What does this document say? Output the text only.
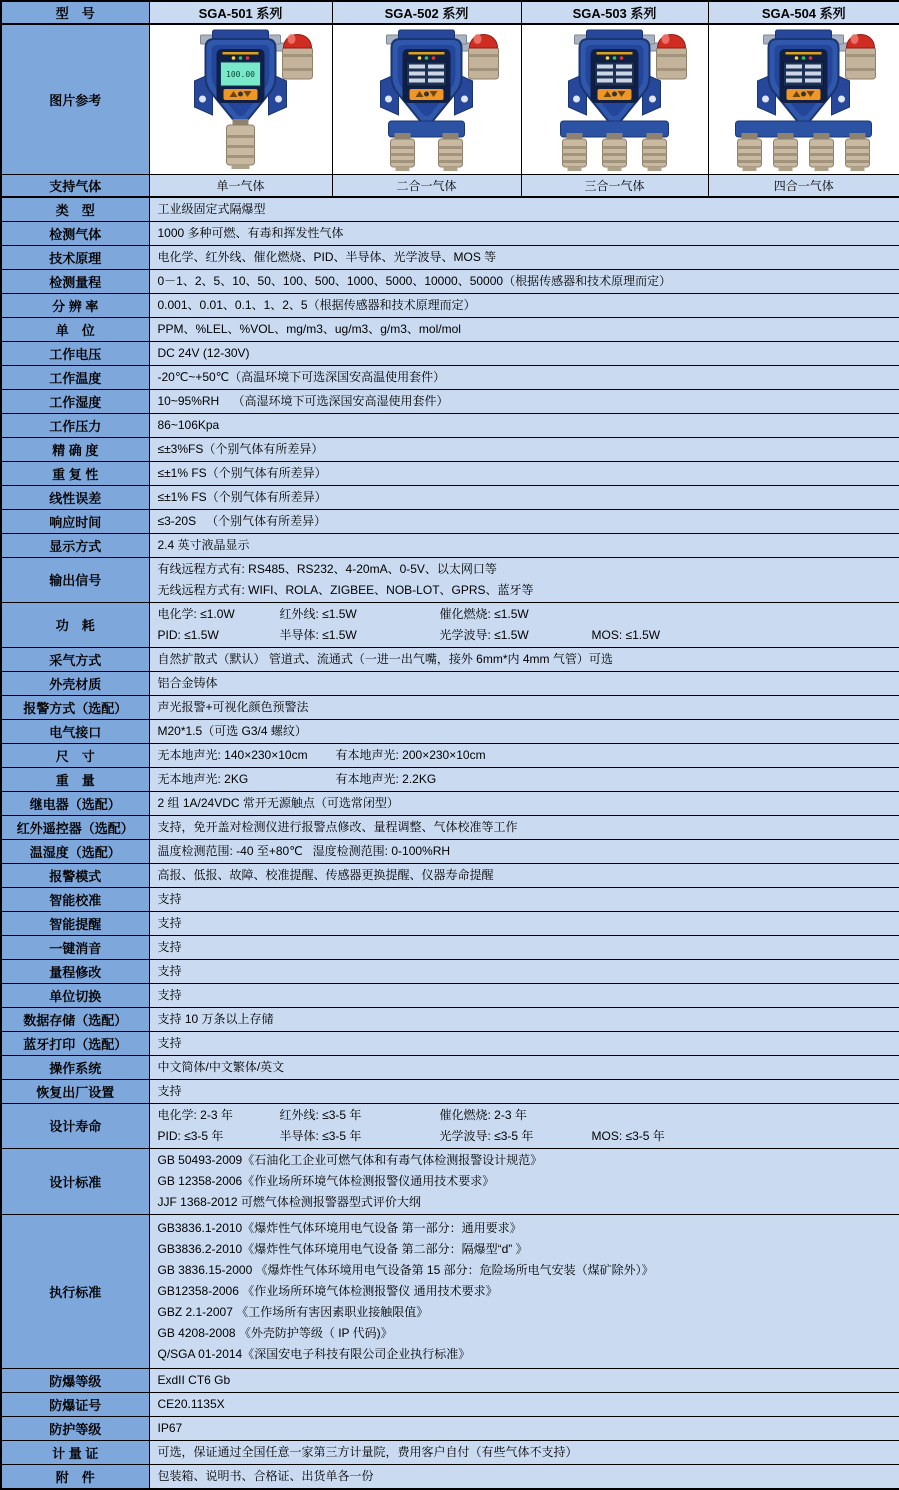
型　号	SGA-501 系列	SGA-502 系列	SGA-503 系列	SGA-504 系列
图片参考	100.00

支持气体	单一气体	二合一气体	三合一气体	四合一气体
类　型	工业级固定式隔爆型			

检测气体	1000 多种可燃、有毒和挥发性气体			

技术原理	电化学、红外线、催化燃烧、PID、半导体、光学波导、MOS 等			

检测量程	0－1、2、5、10、50、100、500、1000、5000、10000、50000（根据传感器和技术原理而定）			

分 辨 率	0.001、0.01、0.1、1、2、5（根据传感器和技术原理而定）			

单　位	PPM、%LEL、%VOL、mg/m3、ug/m3、g/m3、mol/mol			

工作电压	DC 24V (12-30V)			

工作温度	-20℃~+50℃（高温环境下可选深国安高温使用套件）			

工作湿度	10~95%RH    （高湿环境下可选深国安高湿使用套件）			

工作压力	86~106Kpa			

精 确 度	≤±3%FS（个别气体有所差异）			

重 复 性	≤±1% FS（个别气体有所差异）			

线性误差	≤±1% FS（个别气体有所差异）			

响应时间	≤3-20S   （个别气体有所差异）			

显示方式	2.4 英寸液晶显示			

输出信号	有线远程方式有: RS485、RS232、4-20mA、0-5V、以太网口等
无线远程方式有: WIFI、ROLA、ZIGBEE、NOB-LOT、GPRS、蓝牙等			

功　耗	电化学: ≤1.0W 红外线: ≤1.5W 催化燃烧: ≤1.5W
PID: ≤1.5W 半导体: ≤1.5W 光学波导: ≤1.5W MOS: ≤1.5W			

采气方式	自然扩散式（默认） 管道式、流通式（一进一出气嘴，接外 6mm*内 4mm 气管）可选			

外壳材质	铝合金铸体			

报警方式（选配）	声光报警+可视化颜色预警法			

电气接口	M20*1.5（可选 G3/4 螺纹）			

尺　寸	无本地声光: 140×230×10cm 有本地声光: 200×230×10cm			

重　量	无本地声光: 2KG 有本地声光: 2.2KG			

继电器（选配）	2 组 1A/24VDC 常开无源触点（可选常闭型）			

红外遥控器（选配）	支持，免开盖对检测仪进行报警点修改、量程调整、气体校准等工作			

温湿度（选配）	温度检测范围: -40 至+80℃   湿度检测范围: 0-100%RH			

报警模式	高报、低报、故障、校准提醒、传感器更换提醒、仪器寿命提醒			

智能校准	支持			

智能提醒	支持			

一键消音	支持			

量程修改	支持			

单位切换	支持			

数据存储（选配）	支持 10 万条以上存储			

蓝牙打印（选配）	支持			

操作系统	中文简体/中文繁体/英文			

恢复出厂设置	支持			

设计寿命	电化学: 2-3 年 红外线: ≤3-5 年 催化燃烧: 2-3 年
PID: ≤3-5 年 半导体: ≤3-5 年 光学波导: ≤3-5 年 MOS: ≤3-5 年			

设计标准	GB 50493-2009《石油化工企业可燃气体和有毒气体检测报警设计规范》
GB 12358-2006《作业场所环境气体检测报警仪通用技术要求》
JJF 1368-2012 可燃气体检测报警器型式评价大纲			

执行标准	
GB3836.1-2010《爆炸性气体环境用电气设备 第一部分：通用要求》
GB3836.2-2010《爆炸性气体环境用电气设备 第二部分：隔爆型“d” 》
GB 3836.15-2000 《爆炸性气体环境用电气设备第 15 部分：危险场所电气安装（煤矿除外）》
GB12358-2006 《作业场所环境气体检测报警仪 通用技术要求》
GBZ 2.1-2007 《工作场所有害因素职业接触限值》
GB 4208-2008 《外壳防护等级（ IP 代码)》
Q/SGA 01-2014《深国安电子科技有限公司企业执行标准》

防爆等级	ExdII CT6 Gb			

防爆证号	CE20.1135X			

防护等级	IP67			

计 量 证	可选，保证通过全国任意一家第三方计量院，费用客户自付（有些气体不支持）			

附　件	包装箱、说明书、合格证、出货单各一份			
